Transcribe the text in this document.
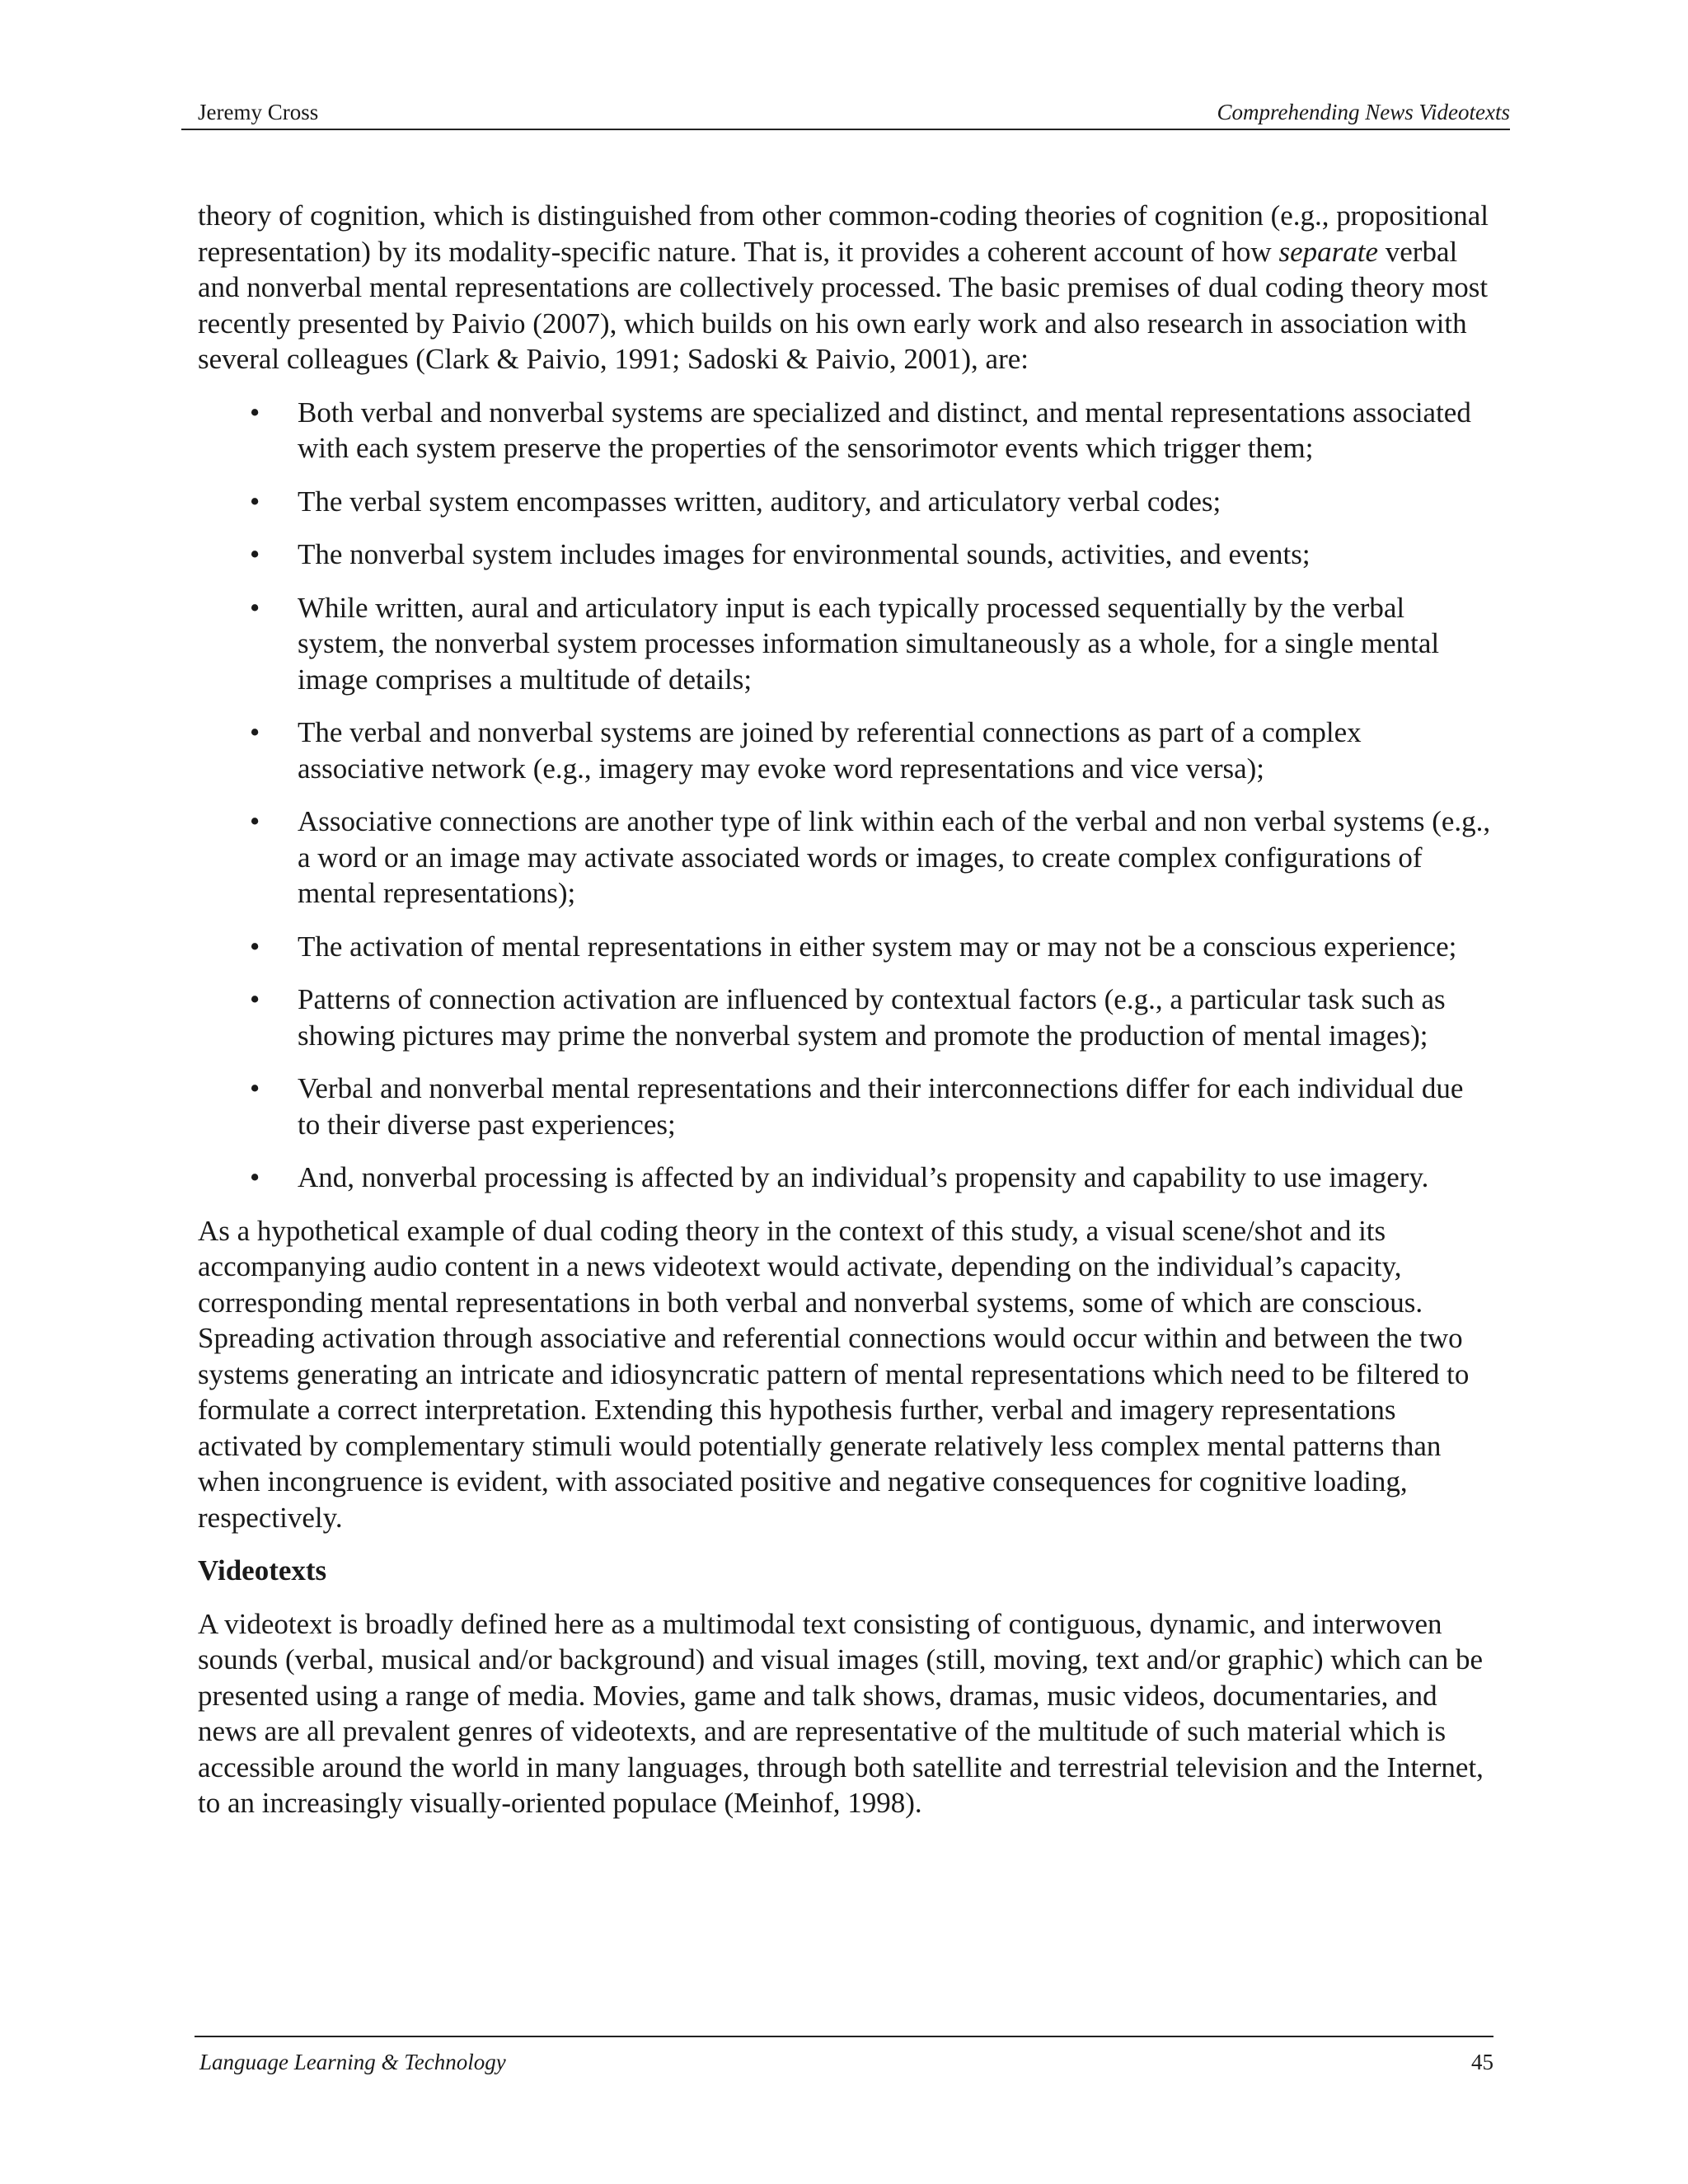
Jeremy Cross	Comprehending News Videotexts

theory of cognition, which is distinguished from other common-coding theories of cognition (e.g., propositional representation) by its modality-specific nature. That is, it provides a coherent account of how separate verbal and nonverbal mental representations are collectively processed. The basic premises of dual coding theory most recently presented by Paivio (2007), which builds on his own early work and also research in association with several colleagues (Clark & Paivio, 1991; Sadoski & Paivio, 2001), are:

• Both verbal and nonverbal systems are specialized and distinct, and mental representations associated with each system preserve the properties of the sensorimotor events which trigger them;
• The verbal system encompasses written, auditory, and articulatory verbal codes;
• The nonverbal system includes images for environmental sounds, activities, and events;
• While written, aural and articulatory input is each typically processed sequentially by the verbal system, the nonverbal system processes information simultaneously as a whole, for a single mental image comprises a multitude of details;
• The verbal and nonverbal systems are joined by referential connections as part of a complex associative network (e.g., imagery may evoke word representations and vice versa);
• Associative connections are another type of link within each of the verbal and non verbal systems (e.g., a word or an image may activate associated words or images, to create complex configurations of mental representations);
• The activation of mental representations in either system may or may not be a conscious experience;
• Patterns of connection activation are influenced by contextual factors (e.g., a particular task such as showing pictures may prime the nonverbal system and promote the production of mental images);
• Verbal and nonverbal mental representations and their interconnections differ for each individual due to their diverse past experiences;
• And, nonverbal processing is affected by an individual’s propensity and capability to use imagery.

As a hypothetical example of dual coding theory in the context of this study, a visual scene/shot and its accompanying audio content in a news videotext would activate, depending on the individual’s capacity, corresponding mental representations in both verbal and nonverbal systems, some of which are conscious. Spreading activation through associative and referential connections would occur within and between the two systems generating an intricate and idiosyncratic pattern of mental representations which need to be filtered to formulate a correct interpretation. Extending this hypothesis further, verbal and imagery representations activated by complementary stimuli would potentially generate relatively less complex mental patterns than when incongruence is evident, with associated positive and negative consequences for cognitive loading, respectively.

Videotexts

A videotext is broadly defined here as a multimodal text consisting of contiguous, dynamic, and interwoven sounds (verbal, musical and/or background) and visual images (still, moving, text and/or graphic) which can be presented using a range of media. Movies, game and talk shows, dramas, music videos, documentaries, and news are all prevalent genres of videotexts, and are representative of the multitude of such material which is accessible around the world in many languages, through both satellite and terrestrial television and the Internet, to an increasingly visually-oriented populace (Meinhof, 1998).

Language Learning & Technology	45
